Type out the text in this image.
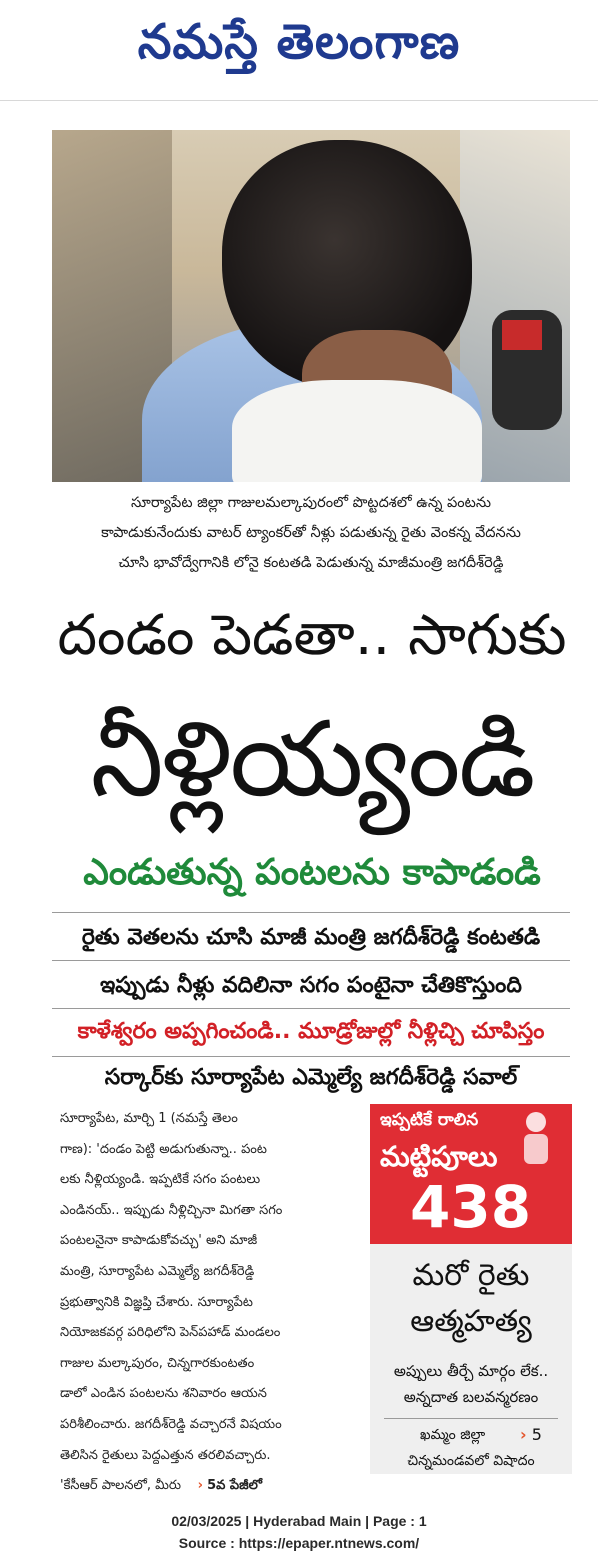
నమస్తే తెలంగాణ
సూర్యాపేట జిల్లా గాజులమల్కాపురంలో పొట్టదశలో ఉన్న పంటను
కాపాడుకునేందుకు వాటర్ ట్యాంకర్‌తో నీళ్లు పడుతున్న రైతు వెంకన్న వేదనను
చూసి భావోద్వేగానికి లోనై కంటతడి పెడుతున్న మాజీమంత్రి జగదీశ్‌రెడ్డి
దండం పెడతా.. సాగుకు
నీళ్లియ్యండి
ఎండుతున్న పంటలను కాపాడండి
రైతు వెతలను చూసి మాజీ మంత్రి జగదీశ్‌రెడ్డి కంటతడి
ఇప్పుడు నీళ్లు వదిలినా సగం పంటైనా చేతికొస్తుంది
కాళేశ్వరం అప్పగించండి.. మూడ్రోజుల్లో నీళ్లిచ్చి చూపిస్తం
సర్కార్‌కు సూర్యాపేట ఎమ్మెల్యే జగదీశ్‌రెడ్డి సవాల్
సూర్యాపేట, మార్చి 1 (నమస్తే తెలం
గాణ): 'దండం పెట్టి అడుగుతున్నా.. పంట
లకు నీళ్లియ్యండి. ఇప్పటికే సగం పంటలు
ఎండినయ్.. ఇప్పుడు నీళ్లిచ్చినా మిగతా సగం
పంటలనైనా కాపాడుకోవచ్చు' అని మాజీ
మంత్రి, సూర్యాపేట ఎమ్మెల్యే జగదీశ్‌రెడ్డి
ప్రభుత్వానికి విజ్ఞప్తి చేశారు. సూర్యాపేట
నియోజకవర్గ పరిధిలోని పెన్‌పహాడ్ మండలం
గాజుల మల్కాపురం, చిన్నగారకుంటతం
డాలో ఎండిన పంటలను శనివారం ఆయన
పరిశీలించారు. జగదీశ్‌రెడ్డి వచ్చారనే విషయం
తెలిసిన రైతులు పెద్దఎత్తున తరలివచ్చారు.
'కేసీఆర్ పాలనలో, మీరు › 5వ పేజీలో
ఇప్పటికే రాలిన
మట్టిపూలు
438
మరో రైతు
ఆత్మహత్య
అప్పులు తీర్చే మార్గం లేక..
అన్నదాత బలవన్మరణం
ఖమ్మం జిల్లా › 5
చిన్నమండవలో విషాదం
02/03/2025 | Hyderabad Main | Page : 1
Source : https://epaper.ntnews.com/
